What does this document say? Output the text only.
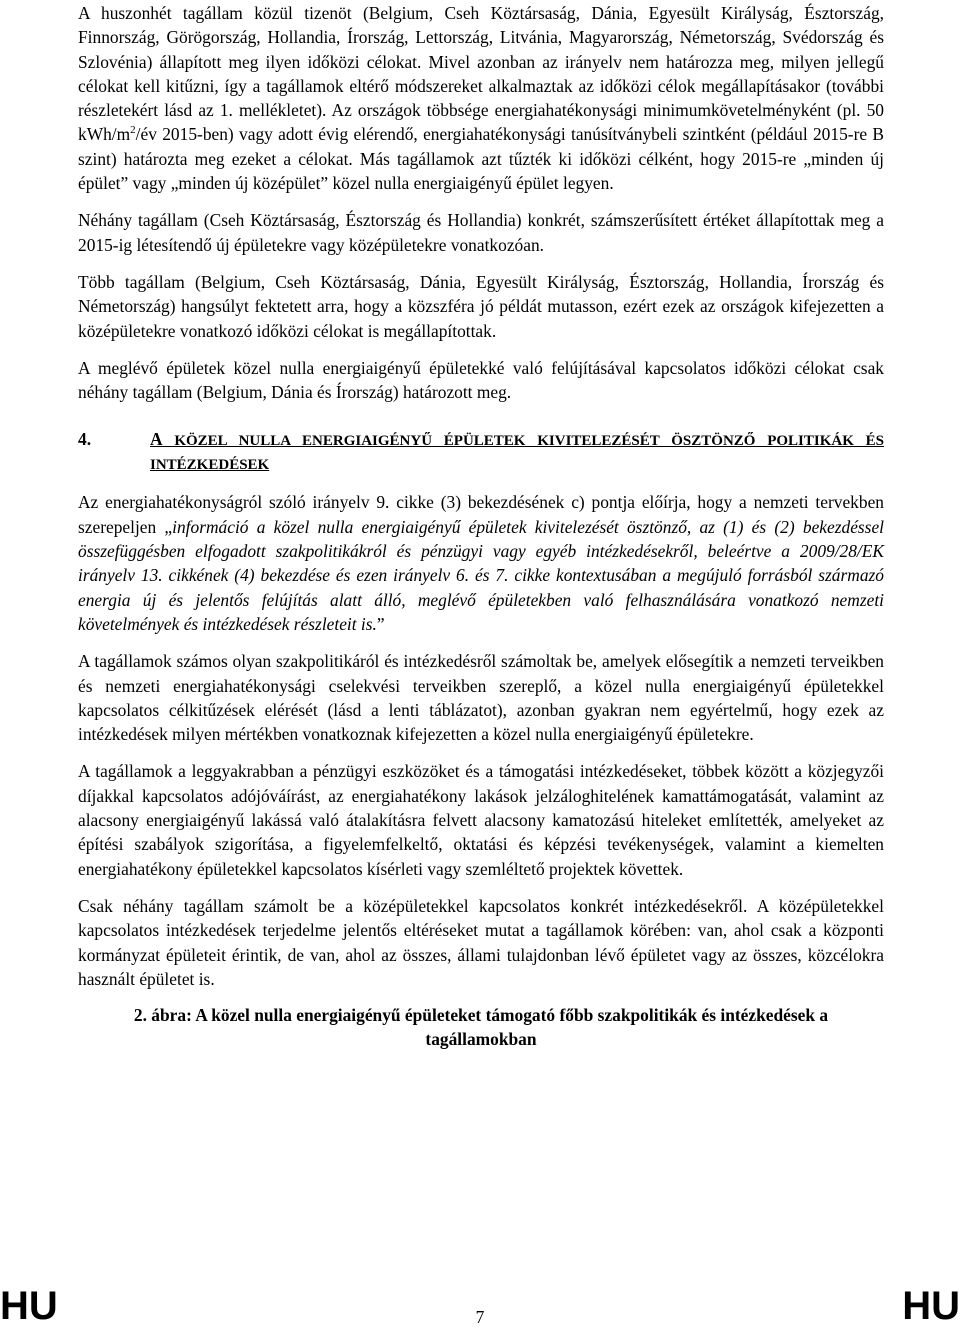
A huszonhét tagállam közül tizenöt (Belgium, Cseh Köztársaság, Dánia, Egyesült Királyság, Észtország, Finnország, Görögország, Hollandia, Írország, Lettország, Litvánia, Magyarország, Németország, Svédország és Szlovénia) állapított meg ilyen időközi célokat. Mivel azonban az irányelv nem határozza meg, milyen jellegű célokat kell kitűzni, így a tagállamok eltérő módszereket alkalmaztak az időközi célok megállapításakor (további részletekért lásd az 1. mellékletet). Az országok többsége energiahatékonysági minimumkövetelményként (pl. 50 kWh/$m^2/év$ 2015-ben) vagy adott évig elérendő, energiahatékonysági tanúsítványbeli szintként (például 2015-re B szint) határozta meg ezeket a célokat. Más tagállamok azt tűzték ki időközi célként, hogy 2015-re „minden új épület” vagy „minden új középület” közel nulla energiaigényű épület legyen.

Néhány tagállam (Cseh Köztársaság, Észtország és Hollandia) konkrét, számszerűsített értéket állapítottak meg a 2015-ig létesítendő új épületekre vagy középületekre vonatkozóan.

Több tagállam (Belgium, Cseh Köztársaság, Dánia, Egyesült Királyság, Észtország, Hollandia, Írország és Németország) hangsúlyt fektetett arra, hogy a közszféra jó példát mutasson, ezért ezek az országok kifejezetten a középületekre vonatkozó időközi célokat is megállapítottak.

A meglévő épületek közel nulla energiaigényű épületekké való felújításával kapcsolatos időközi célokat csak néhány tagállam (Belgium, Dánia és Írország) határozott meg.

4.	A KÖZEL NULLA ENERGIAIGÉNYŰ ÉPÜLETEK KIVITELEZÉSÉT ÖSZTÖNZŐ POLITIKÁK ÉS INTÉZKEDÉSEK

Az energiahatékonyságról szóló irányelv 9. cikke (3) bekezdésének c) pontja előírja, hogy a nemzeti tervekben szerepeljen „információ a közel nulla energiaigényű épületek kivitelezését ösztönző, az (1) és (2) bekezdéssel összefüggésben elfogadott szakpolitikákról és pénzügyi vagy egyéb intézkedésekről, beleértve a 2009/28/EK irányelv 13. cikkének (4) bekezdése és ezen irányelv 6. és 7. cikke kontextusában a megújuló forrásból származó energia új és jelentős felújítás alatt álló, meglévő épületekben való felhasználására vonatkozó nemzeti követelmények és intézkedések részleteit is.”

A tagállamok számos olyan szakpolitikáról és intézkedésről számoltak be, amelyek elősegítik a nemzeti terveikben és nemzeti energiahatékonysági cselekvési terveikben szereplő, a közel nulla energiaigényű épületekkel kapcsolatos célkitűzések elérését (lásd a lenti táblázatot), azonban gyakran nem egyértelmű, hogy ezek az intézkedések milyen mértékben vonatkoznak kifejezetten a közel nulla energiaigényű épületekre.

A tagállamok a leggyakrabban a pénzügyi eszközöket és a támogatási intézkedéseket, többek között a közjegyzői díjakkal kapcsolatos adójóváírást, az energiahatékony lakások jelzáloghitelének kamattámogatását, valamint az alacsony energiaigényű lakássá való átalakításra felvett alacsony kamatozású hiteleket említették, amelyeket az építési szabályok szigorítása, a figyelemfelkeltő, oktatási és képzési tevékenységek, valamint a kiemelten energiahatékony épületekkel kapcsolatos kísérleti vagy szemléltető projektek követtek.

Csak néhány tagállam számolt be a középületekkel kapcsolatos konkrét intézkedésekről. A középületekkel kapcsolatos intézkedések terjedelme jelentős eltéréseket mutat a tagállamok körében: van, ahol csak a központi kormányzat épületeit érintik, de van, ahol az összes, állami tulajdonban lévő épületet vagy az összes, közcélokra használt épületet is.

2. ábra: A közel nulla energiaigényű épületeket támogató főbb szakpolitikák és intézkedések a tagállamokban
HU	7	HU
